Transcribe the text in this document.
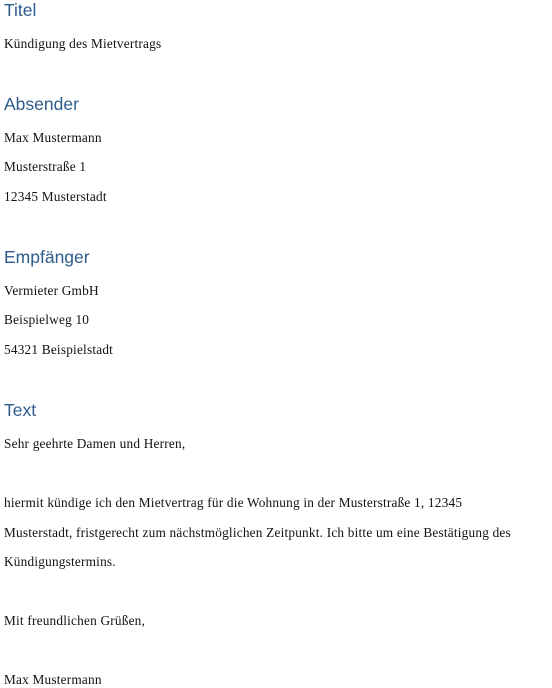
Titel

Kündigung des Mietvertrags

Absender

Max Mustermann

Musterstraße 1

12345 Musterstadt

Empfänger

Vermieter GmbH

Beispielweg 10

54321 Beispielstadt

Text

Sehr geehrte Damen und Herren,

hiermit kündige ich den Mietvertrag für die Wohnung in der Musterstraße 1, 12345

Musterstadt, fristgerecht zum nächstmöglichen Zeitpunkt. Ich bitte um eine Bestätigung des

Kündigungstermins.

Mit freundlichen Grüßen,

Max Mustermann
